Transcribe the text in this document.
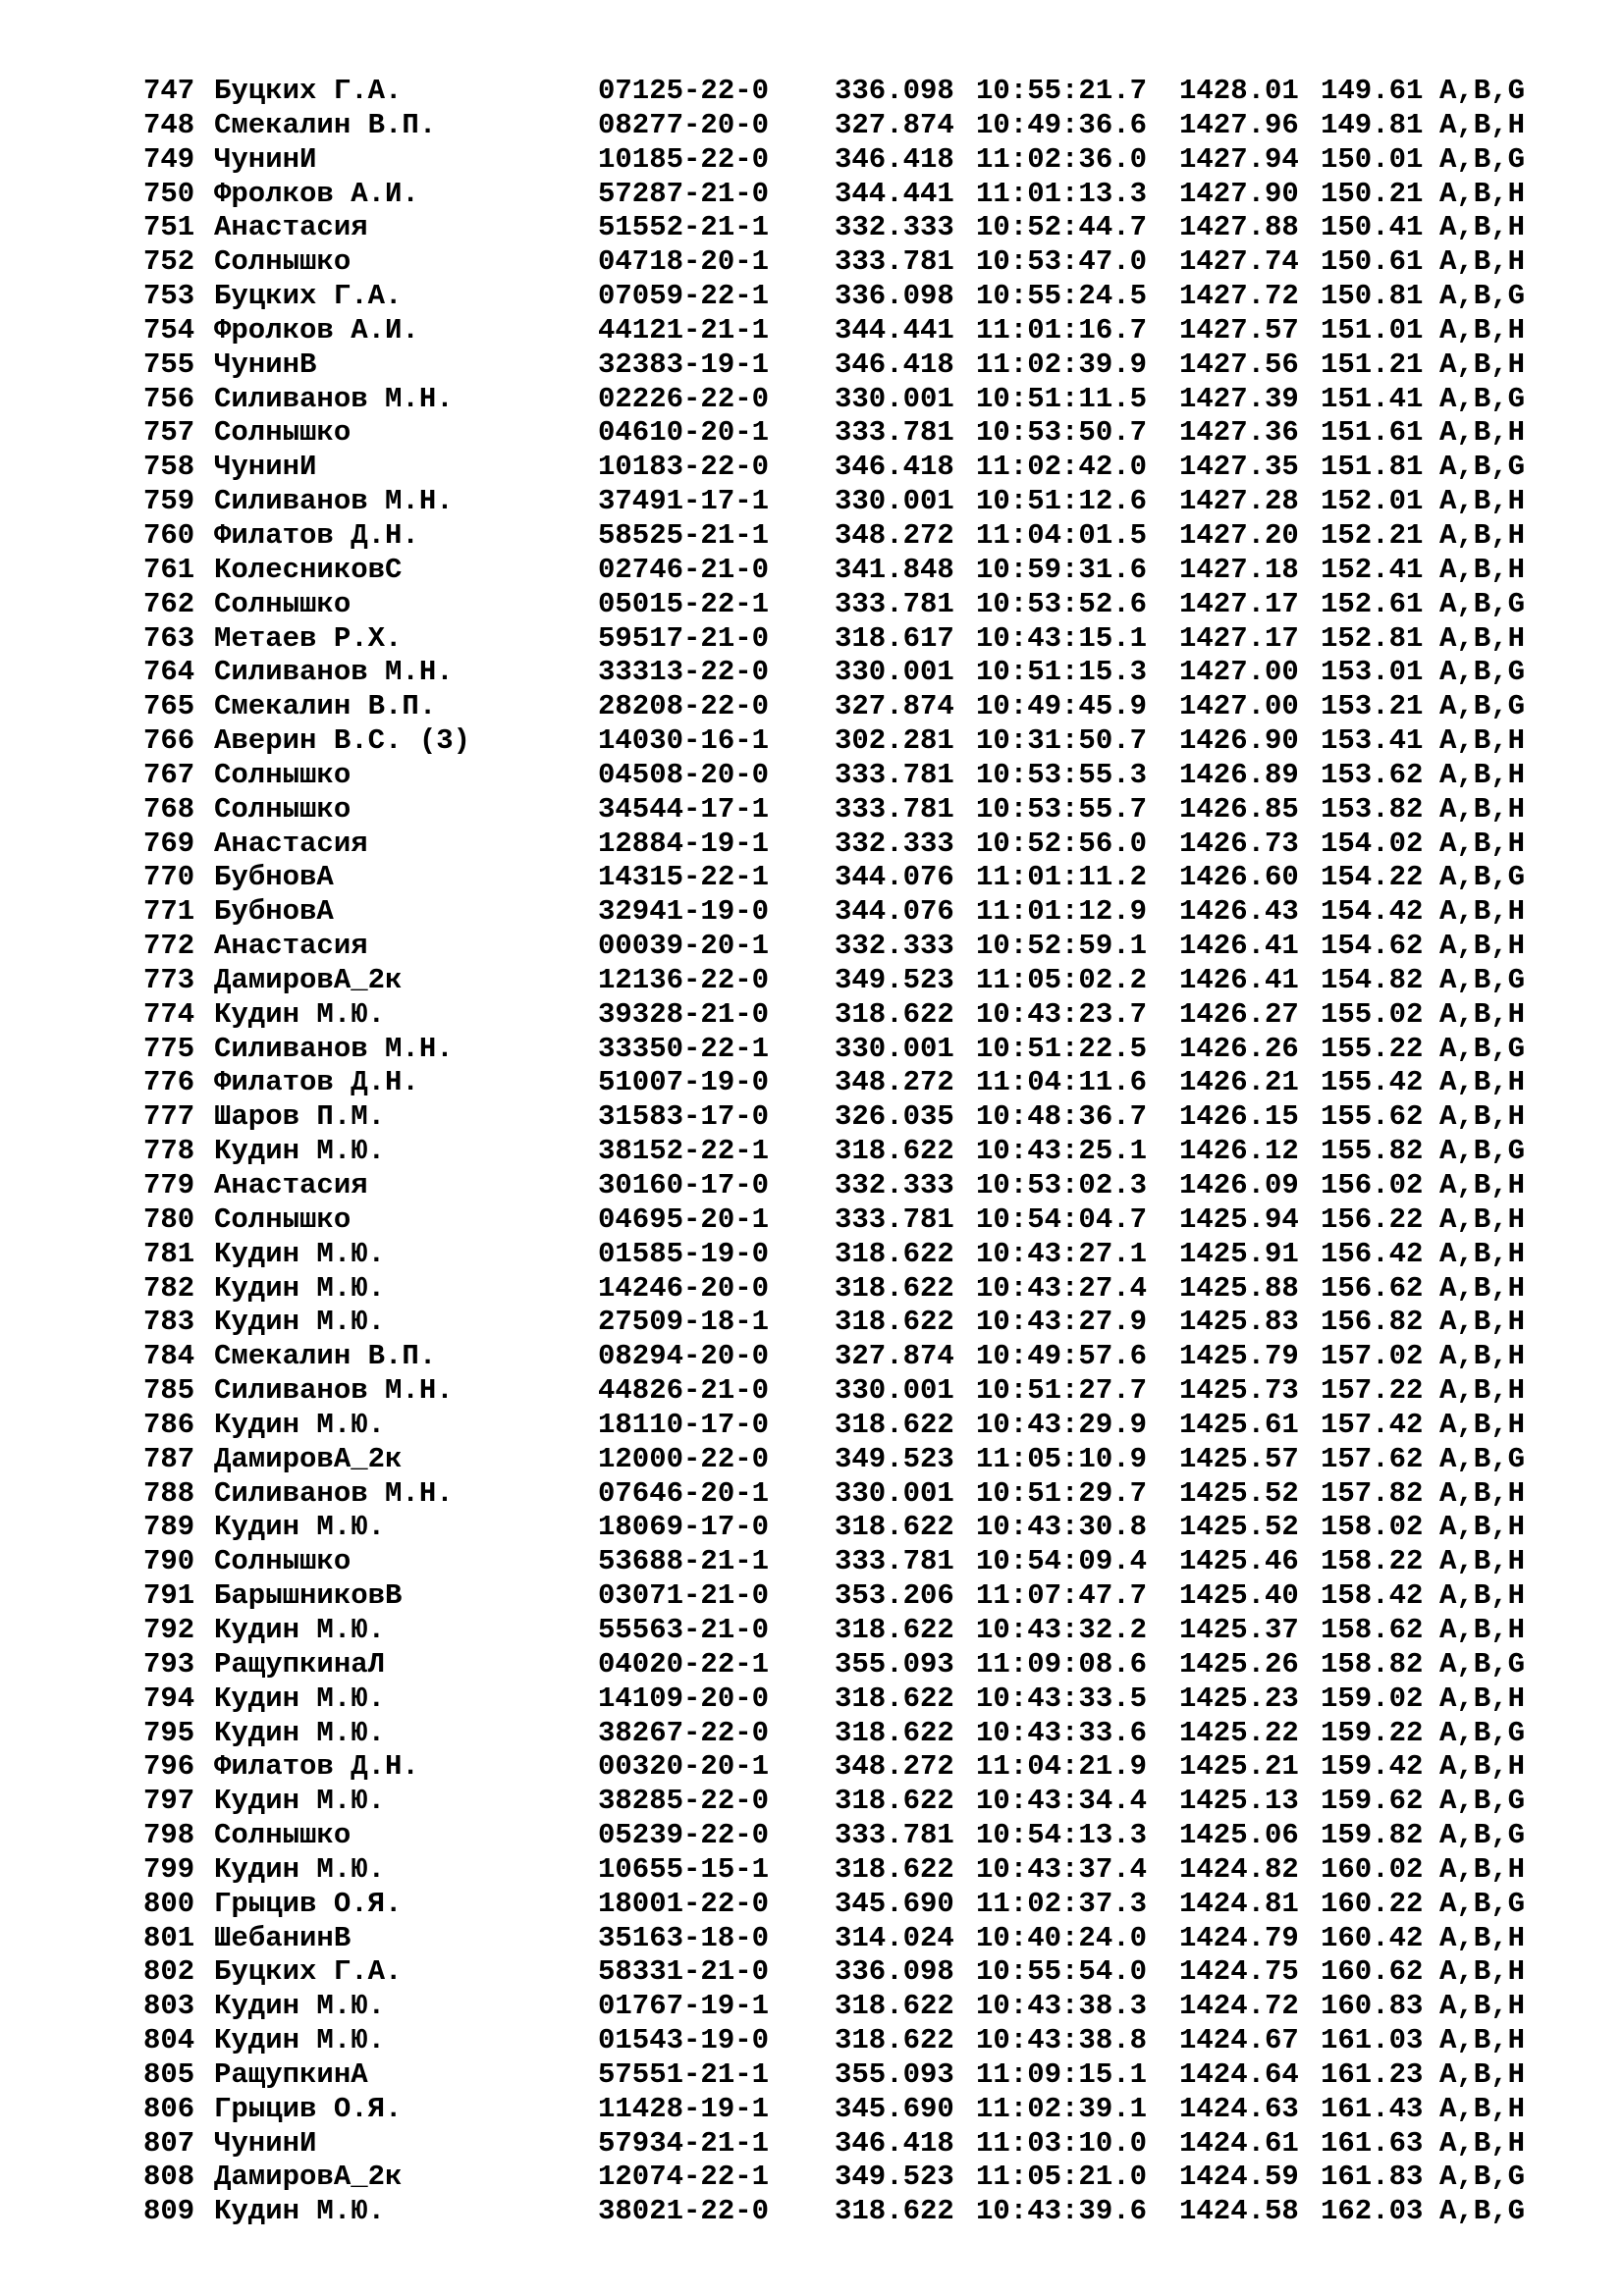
747 Буцких Г.А.	07125-22-0 336.098 10:55:21.7 1428.01 149.61 A,B,G
748 Смекалин В.П.	08277-20-0 327.874 10:49:36.6 1427.96 149.81 A,B,H
749 ЧунинИ	10185-22-0 346.418 11:02:36.0 1427.94 150.01 A,B,G
750 Фролков А.И.	57287-21-0 344.441 11:01:13.3 1427.90 150.21 A,B,H
751 Анастасия	51552-21-1 332.333 10:52:44.7 1427.88 150.41 A,B,H
752 Солнышко	04718-20-1 333.781 10:53:47.0 1427.74 150.61 A,B,H
753 Буцких Г.А.	07059-22-1 336.098 10:55:24.5 1427.72 150.81 A,B,G
754 Фролков А.И.	44121-21-1 344.441 11:01:16.7 1427.57 151.01 A,B,H
755 ЧунинВ	32383-19-1 346.418 11:02:39.9 1427.56 151.21 A,B,H
756 Силиванов М.Н.	02226-22-0 330.001 10:51:11.5 1427.39 151.41 A,B,G
757 Солнышко	04610-20-1 333.781 10:53:50.7 1427.36 151.61 A,B,H
758 ЧунинИ	10183-22-0 346.418 11:02:42.0 1427.35 151.81 A,B,G
759 Силиванов М.Н.	37491-17-1 330.001 10:51:12.6 1427.28 152.01 A,B,H
760 Филатов Д.Н.	58525-21-1 348.272 11:04:01.5 1427.20 152.21 A,B,H
761 КолесниковС	02746-21-0 341.848 10:59:31.6 1427.18 152.41 A,B,H
762 Солнышко	05015-22-1 333.781 10:53:52.6 1427.17 152.61 A,B,G
763 Метаев Р.Х.	59517-21-0 318.617 10:43:15.1 1427.17 152.81 A,B,H
764 Силиванов М.Н.	33313-22-0 330.001 10:51:15.3 1427.00 153.01 A,B,G
765 Смекалин В.П.	28208-22-0 327.874 10:49:45.9 1427.00 153.21 A,B,G
766 Аверин В.С. (3)	14030-16-1 302.281 10:31:50.7 1426.90 153.41 A,B,H
767 Солнышко	04508-20-0 333.781 10:53:55.3 1426.89 153.62 A,B,H
768 Солнышко	34544-17-1 333.781 10:53:55.7 1426.85 153.82 A,B,H
769 Анастасия	12884-19-1 332.333 10:52:56.0 1426.73 154.02 A,B,H
770 БубновА	14315-22-1 344.076 11:01:11.2 1426.60 154.22 A,B,G
771 БубновА	32941-19-0 344.076 11:01:12.9 1426.43 154.42 A,B,H
772 Анастасия	00039-20-1 332.333 10:52:59.1 1426.41 154.62 A,B,H
773 ДамировА_2к	12136-22-0 349.523 11:05:02.2 1426.41 154.82 A,B,G
774 Кудин М.Ю.	39328-21-0 318.622 10:43:23.7 1426.27 155.02 A,B,H
775 Силиванов М.Н.	33350-22-1 330.001 10:51:22.5 1426.26 155.22 A,B,G
776 Филатов Д.Н.	51007-19-0 348.272 11:04:11.6 1426.21 155.42 A,B,H
777 Шаров П.М.	31583-17-0 326.035 10:48:36.7 1426.15 155.62 A,B,H
778 Кудин М.Ю.	38152-22-1 318.622 10:43:25.1 1426.12 155.82 A,B,G
779 Анастасия	30160-17-0 332.333 10:53:02.3 1426.09 156.02 A,B,H
780 Солнышко	04695-20-1 333.781 10:54:04.7 1425.94 156.22 A,B,H
781 Кудин М.Ю.	01585-19-0 318.622 10:43:27.1 1425.91 156.42 A,B,H
782 Кудин М.Ю.	14246-20-0 318.622 10:43:27.4 1425.88 156.62 A,B,H
783 Кудин М.Ю.	27509-18-1 318.622 10:43:27.9 1425.83 156.82 A,B,H
784 Смекалин В.П.	08294-20-0 327.874 10:49:57.6 1425.79 157.02 A,B,H
785 Силиванов М.Н.	44826-21-0 330.001 10:51:27.7 1425.73 157.22 A,B,H
786 Кудин М.Ю.	18110-17-0 318.622 10:43:29.9 1425.61 157.42 A,B,H
787 ДамировА_2к	12000-22-0 349.523 11:05:10.9 1425.57 157.62 A,B,G
788 Силиванов М.Н.	07646-20-1 330.001 10:51:29.7 1425.52 157.82 A,B,H
789 Кудин М.Ю.	18069-17-0 318.622 10:43:30.8 1425.52 158.02 A,B,H
790 Солнышко	53688-21-1 333.781 10:54:09.4 1425.46 158.22 A,B,H
791 БарышниковВ	03071-21-0 353.206 11:07:47.7 1425.40 158.42 A,B,H
792 Кудин М.Ю.	55563-21-0 318.622 10:43:32.2 1425.37 158.62 A,B,H
793 РащупкинаЛ	04020-22-1 355.093 11:09:08.6 1425.26 158.82 A,B,G
794 Кудин М.Ю.	14109-20-0 318.622 10:43:33.5 1425.23 159.02 A,B,H
795 Кудин М.Ю.	38267-22-0 318.622 10:43:33.6 1425.22 159.22 A,B,G
796 Филатов Д.Н.	00320-20-1 348.272 11:04:21.9 1425.21 159.42 A,B,H
797 Кудин М.Ю.	38285-22-0 318.622 10:43:34.4 1425.13 159.62 A,B,G
798 Солнышко	05239-22-0 333.781 10:54:13.3 1425.06 159.82 A,B,G
799 Кудин М.Ю.	10655-15-1 318.622 10:43:37.4 1424.82 160.02 A,B,H
800 Грыцив О.Я.	18001-22-0 345.690 11:02:37.3 1424.81 160.22 A,B,G
801 ШебанинВ	35163-18-0 314.024 10:40:24.0 1424.79 160.42 A,B,H
802 Буцких Г.А.	58331-21-0 336.098 10:55:54.0 1424.75 160.62 A,B,H
803 Кудин М.Ю.	01767-19-1 318.622 10:43:38.3 1424.72 160.83 A,B,H
804 Кудин М.Ю.	01543-19-0 318.622 10:43:38.8 1424.67 161.03 A,B,H
805 РащупкинА	57551-21-1 355.093 11:09:15.1 1424.64 161.23 A,B,H
806 Грыцив О.Я.	11428-19-1 345.690 11:02:39.1 1424.63 161.43 A,B,H
807 ЧунинИ	57934-21-1 346.418 11:03:10.0 1424.61 161.63 A,B,H
808 ДамировА_2к	12074-22-1 349.523 11:05:21.0 1424.59 161.83 A,B,G
809 Кудин М.Ю.	38021-22-0 318.622 10:43:39.6 1424.58 162.03 A,B,G
